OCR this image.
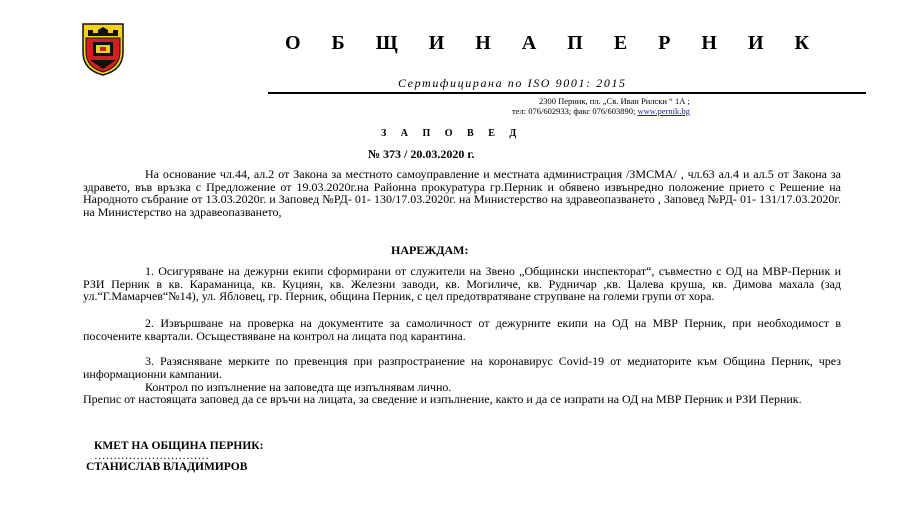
О Б Щ И Н А П Е Р Н И К
Сертифицирана по ISO 9001: 2015
2300 Перник, пл. „Св. Иван Рилски “ 1А ;
тел: 076/602933; факс 076/603890; www.pernik.bg
З А П О В Е Д
№ 373 / 20.03.2020 г.
На основание чл.44, ал.2 от Закона за местното самоуправление и местната администрация /ЗМСМА/ , чл.63 ал.4 и ал.5 от Закона за здравето, във връзка с Предложение от 19.03.2020г.на Районна прокуратура гр.Перник и обявено извънредно положение прието с Решение на Народното събрание от 13.03.2020г. и Заповед №РД- 01- 130/17.03.2020г. на Министерство на здравеопазването , Заповед №РД- 01- 131/17.03.2020г. на Министерство на здравеопазването,
НАРЕЖДАМ:
1. Осигуряване на дежурни екипи сформирани от служители на Звено „Общински инспекторат“, съвместно с ОД на МВР-Перник и РЗИ Перник в кв. Караманица, кв. Куциян, кв. Железни заводи, кв. Могиличе, кв. Рудничар ,кв. Цалева круша, кв. Димова махала (зад ул.“Г.Мамарчев“№14), ул. Ябловец, гр. Перник, община Перник, с цел предотвратяване струпване на големи групи от хора.
2. Извършване на проверка на документите за самоличност от дежурните екипи на ОД на МВР Перник, при необходимост в посочените квартали. Осъществяване на контрол на лицата под карантина.
3. Разясняване мерките по превенция при разпространение на коронавирус Covid-19 от медиаторите към Община Перник, чрез информационни кампании.
Контрол по изпълнение на заповедта ще изпълнявам лично.
Препис от настоящата заповед да се връчи на лицата, за сведение и изпълнение, както и да се изпрати на ОД на МВР Перник и РЗИ Перник.
КМЕТ НА ОБЩИНА ПЕРНИК:
…………………………
СТАНИСЛАВ ВЛАДИМИРОВ
